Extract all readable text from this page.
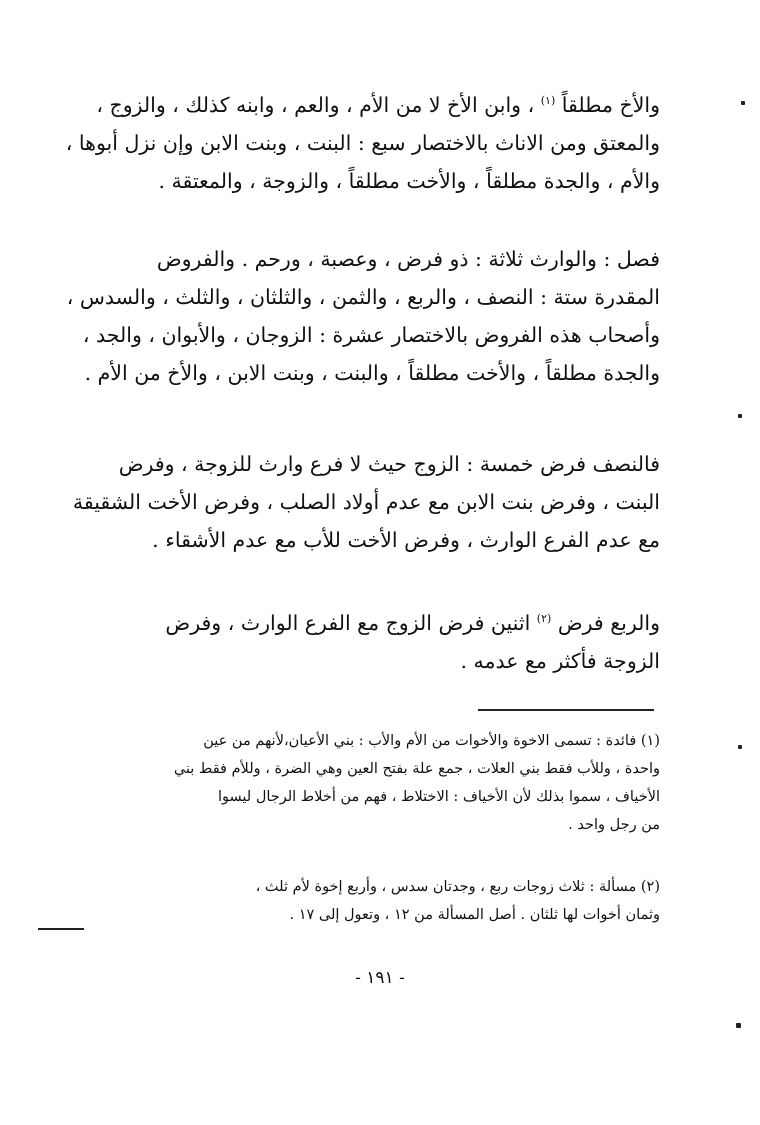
والأخ مطلقاً $^{(١)}$ ، وابن الأخ لا من الأم ، والعم ، وابنه كذلك ، والزوج ،
والمعتق ومن الاناث بالاختصار سبع : البنت ، وبنت الابن وإن نزل أبوها ،
والأم ، والجدة مطلقاً ، والأخت مطلقاً ، والزوجة ، والمعتقة .
فصل : والوارث ثلاثة : ذو فرض ، وعصبة ، ورحم . والفروض
المقدرة ستة : النصف ، والربع ، والثمن ، والثلثان ، والثلث ، والسدس ،
وأصحاب هذه الفروض بالاختصار عشرة : الزوجان ، والأبوان ، والجد ،
والجدة مطلقاً ، والأخت مطلقاً ، والبنت ، وبنت الابن ، والأخ من الأم .
فالنصف فرض خمسة : الزوج حيث لا فرع وارث للزوجة ، وفرض
البنت ، وفرض بنت الابن مع عدم أولاد الصلب ، وفرض الأخت الشقيقة
مع عدم الفرع الوارث ، وفرض الأخت للأب مع عدم الأشقاء .
والربع فرض $^{(٢)}$ اثنين فرض الزوج مع الفرع الوارث ، وفرض
الزوجة فأكثر مع عدمه .
(١) فائدة : تسمى الاخوة والأخوات من الأم والأب : بني الأعيان،لأنهم من عين
واحدة ، وللأب فقط بني العلات ، جمع علة بفتح العين وهي الضرة ، وللأم فقط بني
الأخياف ، سموا بذلك لأن الأخياف : الاختلاط ، فهم من أخلاط الرجال ليسوا
من رجل واحد .
(٢) مسألة : ثلاث زوجات ربع ، وجدتان سدس ، وأربع إخوة لأم ثلث ،
وثمان أخوات لها ثلثان . أصل المسألة من ١٢ ، وتعول إلى ١٧ .
- ١٩١ -
